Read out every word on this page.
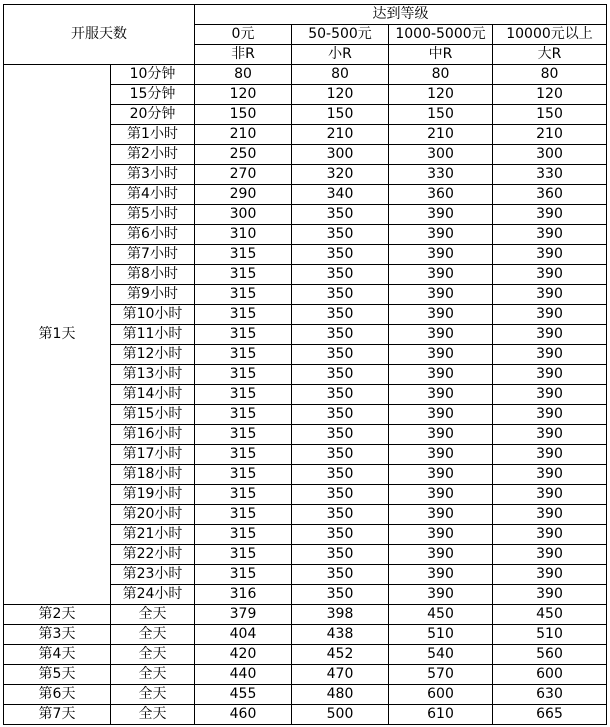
开服天数		达到等级			
		0元	50-500元	1000-5000元	10000元以上
		非R	小R	中R	大R
第1天	10分钟	80	80	80	80
	15分钟	120	120	120	120
	20分钟	150	150	150	150
	第1小时	210	210	210	210
	第2小时	250	300	300	300
	第3小时	270	320	330	330
	第4小时	290	340	360	360
	第5小时	300	350	390	390
	第6小时	310	350	390	390
	第7小时	315	350	390	390
	第8小时	315	350	390	390
	第9小时	315	350	390	390
	第10小时	315	350	390	390
	第11小时	315	350	390	390
	第12小时	315	350	390	390
	第13小时	315	350	390	390
	第14小时	315	350	390	390
	第15小时	315	350	390	390
	第16小时	315	350	390	390
	第17小时	315	350	390	390
	第18小时	315	350	390	390
	第19小时	315	350	390	390
	第20小时	315	350	390	390
	第21小时	315	350	390	390
	第22小时	315	350	390	390
	第23小时	315	350	390	390
	第24小时	316	350	390	390
第2天	全天	379	398	450	450
第3天	全天	404	438	510	510
第4天	全天	420	452	540	560
第5天	全天	440	470	570	600
第6天	全天	455	480	600	630
第7天	全天	460	500	610	665
